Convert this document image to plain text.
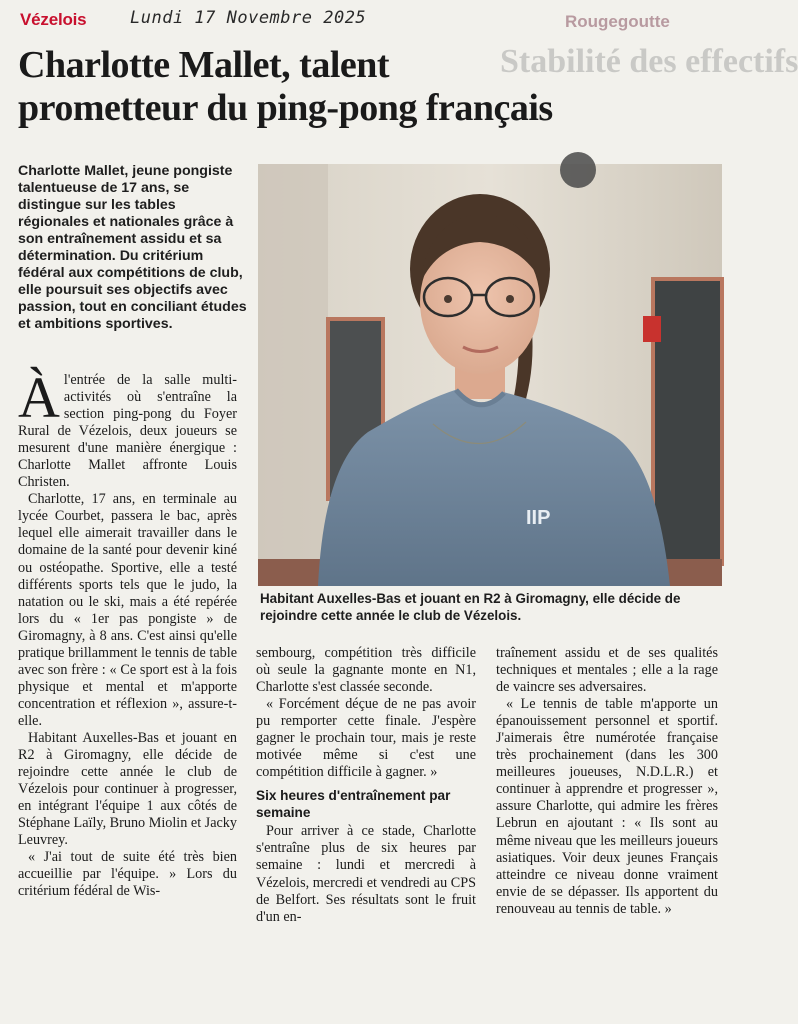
Vézelois	Lundi 17 Novembre 2025	Rougegoutte
Stabilité des effectifs
Charlotte Mallet, talent
prometteur du ping-pong français

Charlotte Mallet, jeune pongiste talentueuse de 17 ans, se distingue sur les tables régionales et nationales grâce à son entraînement assidu et sa détermination. Du critérium fédéral aux compétitions de club, elle poursuit ses objectifs avec passion, tout en conciliant études et ambitions sportives.

Àl'entrée de la salle multi-activités où s'entraîne la section ping-pong du Foyer Rural de Vézelois, deux joueurs se mesurent d'une manière énergique : Charlotte Mallet affronte Louis Christen.

Charlotte, 17 ans, en terminale au lycée Courbet, passera le bac, après lequel elle aimerait travailler dans le domaine de la santé pour devenir kiné ou ostéopathe. Sportive, elle a testé différents sports tels que le judo, la natation ou le ski, mais a été repérée lors du « 1er pas pongiste » de Giromagny, à 8 ans. C'est ainsi qu'elle pratique brillamment le tennis de table avec son frère : « Ce sport est à la fois physique et mental et m'apporte concentration et réflexion », assure-t-elle.

Habitant Auxelles-Bas et jouant en R2 à Giromagny, elle décide de rejoindre cette année le club de Vézelois pour continuer à progresser, en intégrant l'équipe 1 aux côtés de Stéphane Laïly, Bruno Miolin et Jacky Leuvrey.

« J'ai tout de suite été très bien accueillie par l'équipe. » Lors du critérium fédéral de Wis-

IIP

Habitant Auxelles-Bas et jouant en R2 à Giromagny, elle décide de rejoindre cette année le club de Vézelois.

sembourg, compétition très difficile où seule la gagnante monte en N1, Charlotte s'est classée seconde.

« Forcément déçue de ne pas avoir pu remporter cette finale. J'espère gagner le prochain tour, mais je reste motivée même si c'est une compétition difficile à gagner. »

Six heures d'entraînement par semaine

Pour arriver à ce stade, Charlotte s'entraîne plus de six heures par semaine : lundi et mercredi à Vézelois, mercredi et vendredi au CPS de Belfort. Ses résultats sont le fruit d'un en-

traînement assidu et de ses qualités techniques et mentales ; elle a la rage de vaincre ses adversaires.

« Le tennis de table m'apporte un épanouissement personnel et sportif. J'aimerais être numérotée française très prochainement (dans les 300 meilleures joueuses, N.D.L.R.) et continuer à apprendre et progresser », assure Charlotte, qui admire les frères Lebrun en ajoutant : « Ils sont au même niveau que les meilleurs joueurs asiatiques. Voir deux jeunes Français atteindre ce niveau donne vraiment envie de se dépasser. Ils apportent du renouveau au tennis de table. »
